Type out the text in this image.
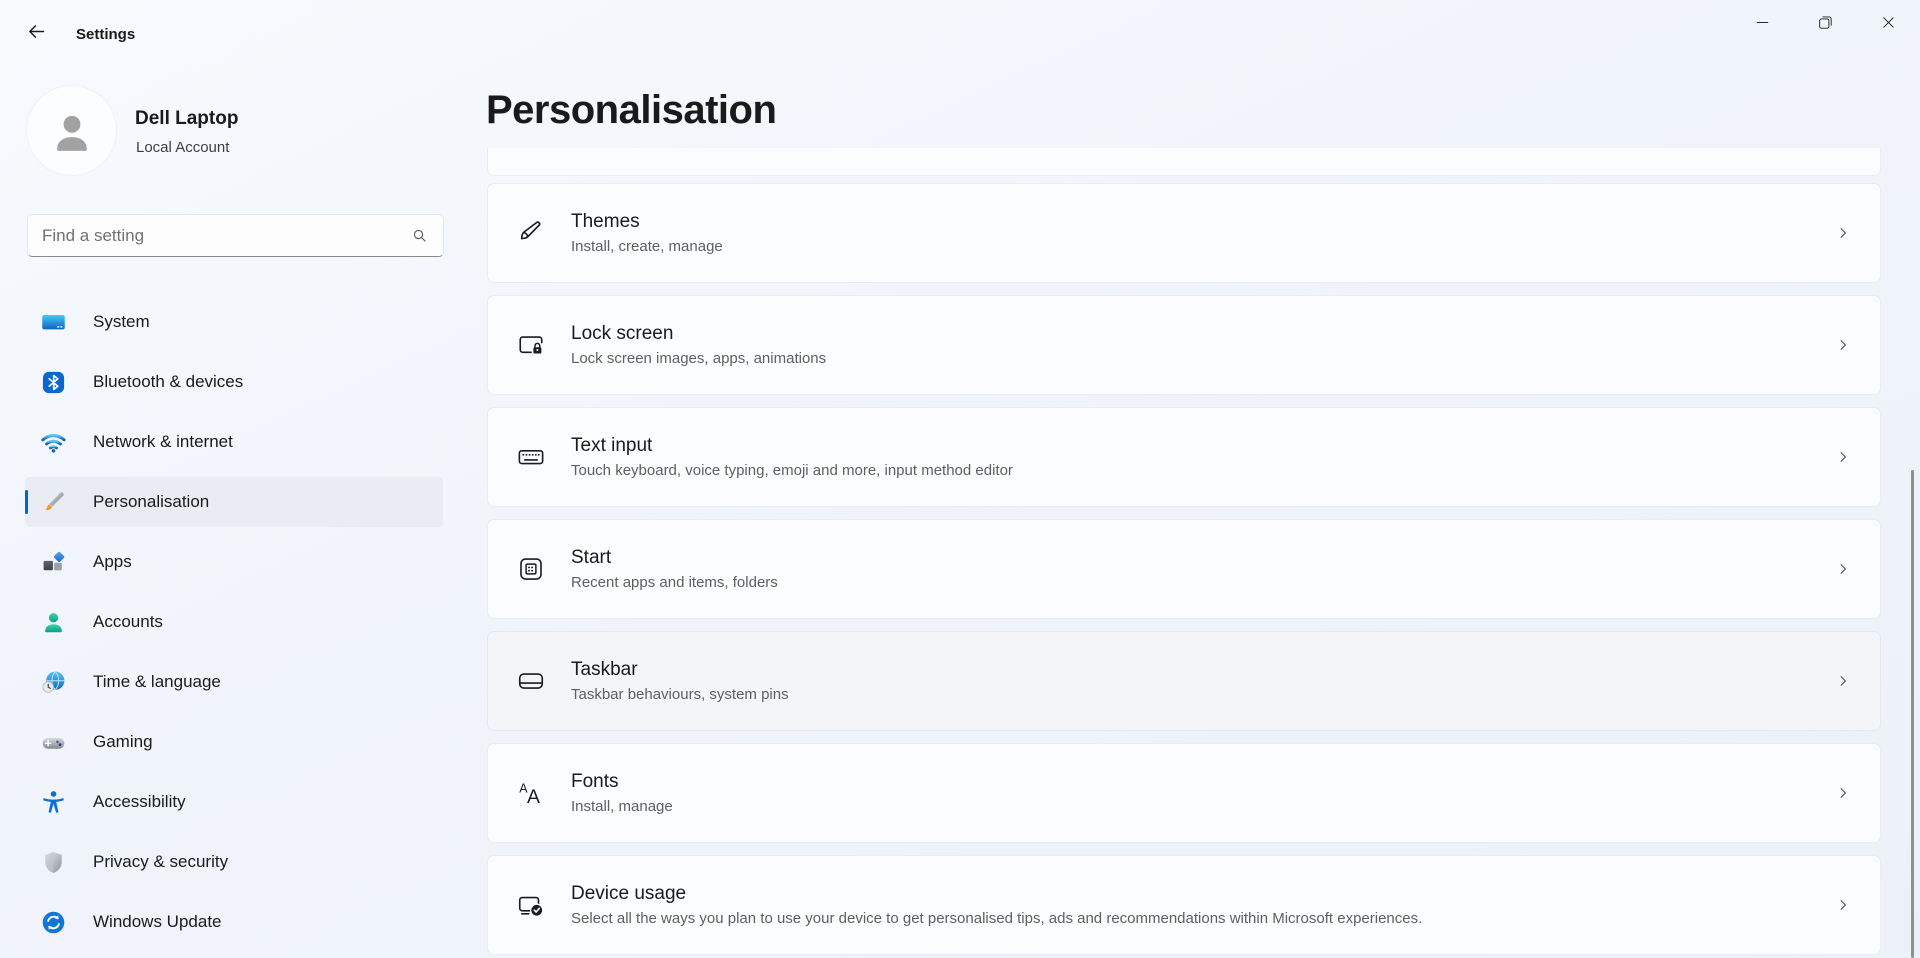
Settings
Dell Laptop
Local Account
Find a setting
System
Bluetooth & devices
Network & internet
Personalisation
Apps
Accounts
Time & language
Gaming
Accessibility
Privacy & security
Windows Update
Personalisation
Themes
Install, create, manage
Lock screen
Lock screen images, apps, animations
Text input
Touch keyboard, voice typing, emoji and more, input method editor
Start
Recent apps and items, folders
Taskbar
Taskbar behaviours, system pins
A A
Fonts
Install, manage
Device usage
Select all the ways you plan to use your device to get personalised tips, ads and recommendations within Microsoft experiences.
